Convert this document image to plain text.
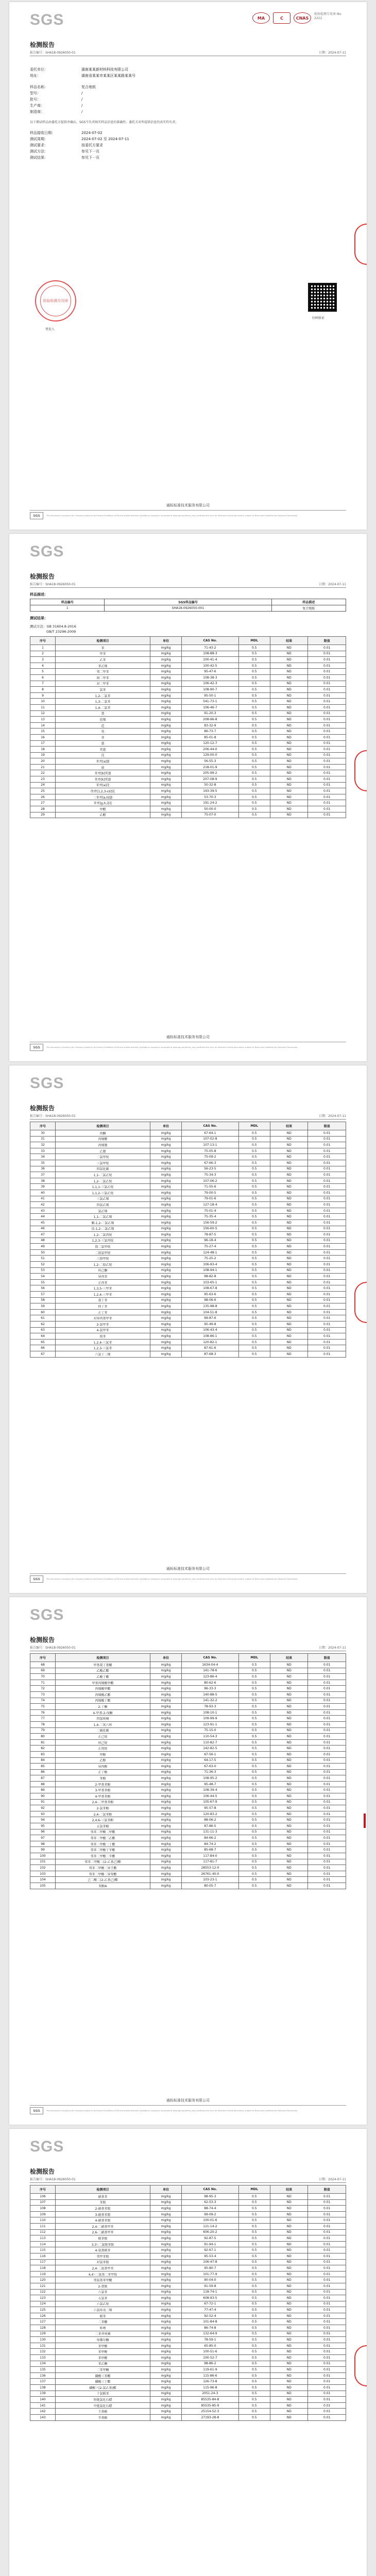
SGS	MA	C	CNAS
检验检测专用章 No. 2212
检测报告
报告编号：SHA18-0926050-01	日期：2024-07-11
委托单位：	湖南某某新材料科技有限公司
地址：	湖南省某某市某某区某某路某某号
样品名称：	复合地板
型号：	/
批号：	/
生产商：	/
制造商：	/
以下测试样品由委托方提供并确认，SGS不负责核实样品信息的准确性。委托方对所提供信息的真实性负责。
样品接收日期：	2024-07-02
测试周期：	2024-07-02 至 2024-07-11
测试要求：	按委托方要求
测试方法：	参见下一页
测试结果：	参见下一页
检验检测专用章
签发人
扫码验证
通标标准技术服务有限公司
SGS	This document is issued by the Company subject to its General Conditions of Service printed overleaf, available on request or accessible at www.sgs.com/terms_and_conditions.htm and, for electronic format documents, subject to Terms and Conditions for Electronic Documents.
SGS
检测报告
报告编号：SHA18-0926050-01	日期：2024-07-11
样品描述：
样品编号	SGS样品编号	样品描述
1	SHA18-0926050-001	复合地板
测试结果：
测试方法：GB 31604.8-2016
GB/T 23296-2009
序号	检测项目	单位	CAS No.	MDL	结果	限值
1	苯	mg/kg	71-43-2	0.5	ND	0.01
2	甲苯	mg/kg	108-88-3	0.5	ND	0.01
3	乙苯	mg/kg	100-41-4	0.5	ND	0.01
4	苯乙烯	mg/kg	100-42-5	0.5	ND	0.01
5	邻二甲苯	mg/kg	95-47-6	0.5	ND	0.01
6	间二甲苯	mg/kg	108-38-3	0.5	ND	0.01
7	对二甲苯	mg/kg	106-42-3	0.5	ND	0.01
8	氯苯	mg/kg	108-90-7	0.5	ND	0.01
9	1,2-二氯苯	mg/kg	95-50-1	0.5	ND	0.01
10	1,3-二氯苯	mg/kg	541-73-1	0.5	ND	0.01
11	1,4-二氯苯	mg/kg	106-46-7	0.5	ND	0.01
12	萘	mg/kg	91-20-3	0.5	ND	0.01
13	苊烯	mg/kg	208-96-8	0.5	ND	0.01
14	苊	mg/kg	83-32-9	0.5	ND	0.01
15	芴	mg/kg	86-73-7	0.5	ND	0.01
16	菲	mg/kg	85-01-8	0.5	ND	0.01
17	蒽	mg/kg	120-12-7	0.5	ND	0.01
18	荧蒽	mg/kg	206-44-0	0.5	ND	0.01
19	芘	mg/kg	129-00-0	0.5	ND	0.01
20	苯并[a]蒽	mg/kg	56-55-3	0.5	ND	0.01
21	䓛	mg/kg	218-01-9	0.5	ND	0.01
22	苯并[b]荧蒽	mg/kg	205-99-2	0.5	ND	0.01
23	苯并[k]荧蒽	mg/kg	207-08-9	0.5	ND	0.01
24	苯并[a]芘	mg/kg	50-32-8	0.5	ND	0.01
25	茚并[1,2,3-cd]芘	mg/kg	193-39-5	0.5	ND	0.01
26	二苯并[a,h]蒽	mg/kg	53-70-3	0.5	ND	0.01
27	苯并[g,h,i]苝	mg/kg	191-24-2	0.5	ND	0.01
28	甲醛	mg/kg	50-00-0	0.5	ND	0.01
29	乙醛	mg/kg	75-07-0	0.5	ND	0.01
通标标准技术服务有限公司
SGS	This document is issued by the Company subject to its General Conditions of Service printed overleaf, available on request or accessible at www.sgs.com/terms_and_conditions.htm and, for electronic format documents, subject to Terms and Conditions for Electronic Documents.
SGS
检测报告
报告编号：SHA18-0926050-01	日期：2024-07-11
序号	检测项目	单位	CAS No.	MDL	结果	限值
30	丙酮	mg/kg	67-64-1	0.5	ND	0.01
31	丙烯醛	mg/kg	107-02-8	0.5	ND	0.01
32	丙烯腈	mg/kg	107-13-1	0.5	ND	0.01
33	乙腈	mg/kg	75-05-8	0.5	ND	0.01
34	二氯甲烷	mg/kg	75-09-2	0.5	ND	0.01
35	三氯甲烷	mg/kg	67-66-3	0.5	ND	0.01
36	四氯化碳	mg/kg	56-23-5	0.5	ND	0.01
37	1,1-二氯乙烷	mg/kg	75-34-3	0.5	ND	0.01
38	1,2-二氯乙烷	mg/kg	107-06-2	0.5	ND	0.01
39	1,1,1-三氯乙烷	mg/kg	71-55-6	0.5	ND	0.01
40	1,1,2-三氯乙烷	mg/kg	79-00-5	0.5	ND	0.01
41	三氯乙烯	mg/kg	79-01-6	0.5	ND	0.01
42	四氯乙烯	mg/kg	127-18-4	0.5	ND	0.01
43	氯乙烯	mg/kg	75-01-4	0.5	ND	0.01
44	1,1-二氯乙烯	mg/kg	75-35-4	0.5	ND	0.01
45	顺-1,2-二氯乙烯	mg/kg	156-59-2	0.5	ND	0.01
46	反-1,2-二氯乙烯	mg/kg	156-60-5	0.5	ND	0.01
47	1,2-二氯丙烷	mg/kg	78-87-5	0.5	ND	0.01
48	1,2,3-三氯丙烷	mg/kg	96-18-4	0.5	ND	0.01
49	溴二氯甲烷	mg/kg	75-27-4	0.5	ND	0.01
50	二溴氯甲烷	mg/kg	124-48-1	0.5	ND	0.01
51	三溴甲烷	mg/kg	75-25-2	0.5	ND	0.01
52	1,2-二溴乙烷	mg/kg	106-93-4	0.5	ND	0.01
53	环己酮	mg/kg	108-94-1	0.5	ND	0.01
54	异丙苯	mg/kg	98-82-8	0.5	ND	0.01
55	正丙苯	mg/kg	103-65-1	0.5	ND	0.01
56	1,3,5-三甲苯	mg/kg	108-67-8	0.5	ND	0.01
57	1,2,4-三甲苯	mg/kg	95-63-6	0.5	ND	0.01
58	叔丁苯	mg/kg	98-06-6	0.5	ND	0.01
59	仲丁苯	mg/kg	135-98-8	0.5	ND	0.01
60	正丁苯	mg/kg	104-51-8	0.5	ND	0.01
61	对异丙基甲苯	mg/kg	99-87-6	0.5	ND	0.01
62	2-氯甲苯	mg/kg	95-49-8	0.5	ND	0.01
63	4-氯甲苯	mg/kg	106-43-4	0.5	ND	0.01
64	溴苯	mg/kg	108-86-1	0.5	ND	0.01
65	1,2,4-三氯苯	mg/kg	120-82-1	0.5	ND	0.01
66	1,2,3-三氯苯	mg/kg	87-61-6	0.5	ND	0.01
67	六氯丁二烯	mg/kg	87-68-3	0.5	ND	0.01
通标标准技术服务有限公司
SGS	This document is issued by the Company subject to its General Conditions of Service printed overleaf, available on request or accessible at www.sgs.com/terms_and_conditions.htm and, for electronic format documents, subject to Terms and Conditions for Electronic Documents.
SGS
检测报告
报告编号：SHA18-0926050-01	日期：2024-07-11
序号	检测项目	单位	CAS No.	MDL	结果	限值
68	甲基叔丁基醚	mg/kg	1634-04-4	0.5	ND	0.01
69	乙酸乙酯	mg/kg	141-78-6	0.5	ND	0.01
70	乙酸丁酯	mg/kg	123-86-4	0.5	ND	0.01
71	甲基丙烯酸甲酯	mg/kg	80-62-6	0.5	ND	0.01
72	丙烯酸甲酯	mg/kg	96-33-3	0.5	ND	0.01
73	丙烯酸乙酯	mg/kg	140-88-5	0.5	ND	0.01
74	丙烯酸丁酯	mg/kg	141-32-2	0.5	ND	0.01
75	2-丁酮	mg/kg	78-93-3	0.5	ND	0.01
76	4-甲基-2-戊酮	mg/kg	108-10-1	0.5	ND	0.01
77	四氢呋喃	mg/kg	109-99-9	0.5	ND	0.01
78	1,4-二氧六环	mg/kg	123-91-1	0.5	ND	0.01
79	二硫化碳	mg/kg	75-15-0	0.5	ND	0.01
80	正己烷	mg/kg	110-54-3	0.5	ND	0.01
81	环己烷	mg/kg	110-82-7	0.5	ND	0.01
82	正庚烷	mg/kg	142-82-5	0.5	ND	0.01
83	甲醇	mg/kg	67-56-1	0.5	ND	0.01
84	乙醇	mg/kg	64-17-5	0.5	ND	0.01
85	异丙醇	mg/kg	67-63-0	0.5	ND	0.01
86	正丁醇	mg/kg	71-36-3	0.5	ND	0.01
87	苯酚	mg/kg	108-95-2	0.5	ND	0.01
88	2-甲基苯酚	mg/kg	95-48-7	0.5	ND	0.01
89	3-甲基苯酚	mg/kg	108-39-4	0.5	ND	0.01
90	4-甲基苯酚	mg/kg	106-44-5	0.5	ND	0.01
91	2,4-二甲基苯酚	mg/kg	105-67-9	0.5	ND	0.01
92	2-氯苯酚	mg/kg	95-57-8	0.5	ND	0.01
93	2,4-二氯苯酚	mg/kg	120-83-2	0.5	ND	0.01
94	2,4,6-三氯苯酚	mg/kg	88-06-2	0.5	ND	0.01
95	五氯苯酚	mg/kg	87-86-5	0.5	ND	0.01
96	邻苯二甲酸二甲酯	mg/kg	131-11-3	0.5	ND	0.01
97	邻苯二甲酸二乙酯	mg/kg	84-66-2	0.5	ND	0.01
98	邻苯二甲酸二丁酯	mg/kg	84-74-2	0.5	ND	0.01
99	邻苯二甲酸丁苄酯	mg/kg	85-68-7	0.5	ND	0.01
100	邻苯二甲酸二辛酯	mg/kg	117-84-0	0.5	ND	0.01
101	邻苯二甲酸二(2-乙基己)酯	mg/kg	117-81-7	0.5	ND	0.01
102	邻苯二甲酸二异壬酯	mg/kg	28553-12-0	0.5	ND	0.01
103	邻苯二甲酸二异癸酯	mg/kg	26761-40-0	0.5	ND	0.01
104	己二酸二(2-乙基己)酯	mg/kg	103-23-1	0.5	ND	0.01
105	双酚A	mg/kg	80-05-7	0.5	ND	0.01
通标标准技术服务有限公司
SGS	This document is issued by the Company subject to its General Conditions of Service printed overleaf, available on request or accessible at www.sgs.com/terms_and_conditions.htm and, for electronic format documents, subject to Terms and Conditions for Electronic Documents.
SGS
检测报告
报告编号：SHA18-0926050-01	日期：2024-07-11
序号	检测项目	单位	CAS No.	MDL	结果	限值
106	硝基苯	mg/kg	98-95-3	0.5	ND	0.01
107	苯胺	mg/kg	62-53-3	0.5	ND	0.01
108	2-硝基苯胺	mg/kg	88-74-4	0.5	ND	0.01
109	3-硝基苯胺	mg/kg	99-09-2	0.5	ND	0.01
110	4-硝基苯胺	mg/kg	100-01-6	0.5	ND	0.01
111	2,4-二硝基甲苯	mg/kg	121-14-2	0.5	ND	0.01
112	2,6-二硝基甲苯	mg/kg	606-20-2	0.5	ND	0.01
113	联苯胺	mg/kg	92-87-5	0.5	ND	0.01
114	3,3'-二氯联苯胺	mg/kg	91-94-1	0.5	ND	0.01
115	4-氨基联苯	mg/kg	92-67-1	0.5	ND	0.01
116	邻甲苯胺	mg/kg	95-53-4	0.5	ND	0.01
117	对氯苯胺	mg/kg	106-47-8	0.5	ND	0.01
118	2,4-二氨基甲苯	mg/kg	95-80-7	0.5	ND	0.01
119	4,4'-二氨基二苯甲烷	mg/kg	101-77-9	0.5	ND	0.01
120	邻氨基苯甲醚	mg/kg	90-04-0	0.5	ND	0.01
121	2-萘胺	mg/kg	91-59-8	0.5	ND	0.01
122	六氯苯	mg/kg	118-74-1	0.5	ND	0.01
123	五氯苯	mg/kg	608-93-5	0.5	ND	0.01
124	六氯乙烷	mg/kg	67-72-1	0.5	ND	0.01
125	六氯环戊二烯	mg/kg	77-47-4	0.5	ND	0.01
126	联苯	mg/kg	92-52-4	0.5	ND	0.01
127	二苯醚	mg/kg	101-84-8	0.5	ND	0.01
128	咔唑	mg/kg	86-74-8	0.5	ND	0.01
129	二苯并呋喃	mg/kg	132-64-9	0.5	ND	0.01
130	异佛尔酮	mg/kg	78-59-1	0.5	ND	0.01
131	苯甲酸	mg/kg	65-85-0	0.5	ND	0.01
132	苯甲醇	mg/kg	100-51-6	0.5	ND	0.01
133	苯甲醛	mg/kg	100-52-7	0.5	ND	0.01
134	苯乙酮	mg/kg	98-86-2	0.5	ND	0.01
135	二苯甲酮	mg/kg	119-61-9	0.5	ND	0.01
136	磷酸三苯酯	mg/kg	115-86-6	0.5	ND	0.01
137	磷酸三丁酯	mg/kg	126-73-8	0.5	ND	0.01
138	磷酸三(2-氯乙基)酯	mg/kg	115-96-8	0.5	ND	0.01
139	十氯联苯	mg/kg	2051-24-3	0.5	ND	0.01
140	短链氯化石蜡	mg/kg	85535-84-8	0.5	ND	0.01
141	中链氯化石蜡	mg/kg	85535-85-9	0.5	ND	0.01
142	壬基酚	mg/kg	25154-52-3	0.5	ND	0.01
143	辛基酚	mg/kg	27193-28-8	0.5	ND	0.01
